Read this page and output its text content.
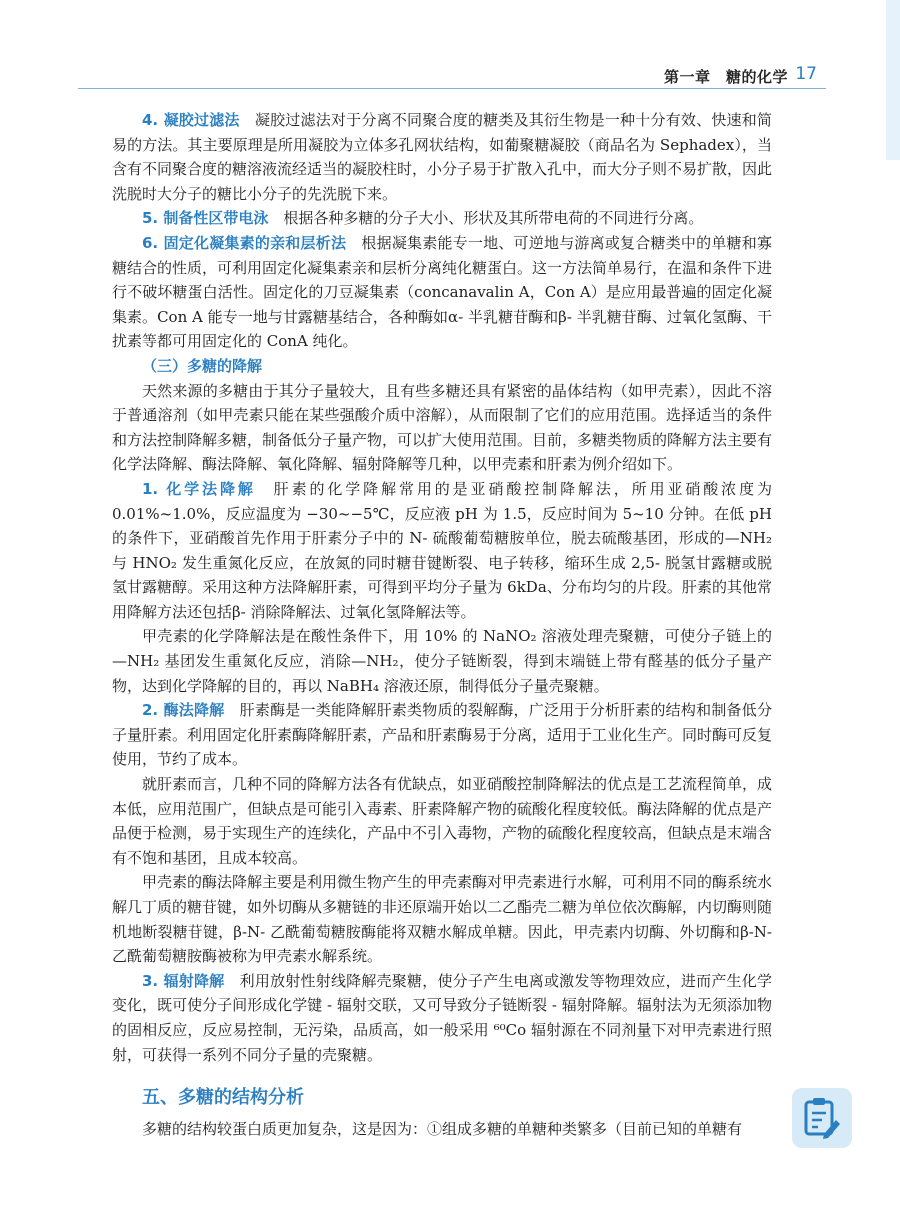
第一章　糖的化学 17

4. 凝胶过滤法　 凝胶过滤法对于分离不同聚合度的糖类及其衍生物是一种十分有效、快速和简易的方法。其主要原理是所用凝胶为立体多孔网状结构，如葡聚糖凝胶（商品名为 Sephadex），当含有不同聚合度的糖溶液流经适当的凝胶柱时，小分子易于扩散入孔中，而大分子则不易扩散，因此洗脱时大分子的糖比小分子的先洗脱下来。

5. 制备性区带电泳　 根据各种多糖的分子大小、形状及其所带电荷的不同进行分离。

6. 固定化凝集素的亲和层析法　 根据凝集素能专一地、可逆地与游离或复合糖类中的单糖和寡糖结合的性质，可利用固定化凝集素亲和层析分离纯化糖蛋白。这一方法简单易行，在温和条件下进行不破坏糖蛋白活性。固定化的刀豆凝集素（concanavalin A，Con A）是应用最普遍的固定化凝集素。Con A 能专一地与甘露糖基结合，各种酶如α- 半乳糖苷酶和β- 半乳糖苷酶、过氧化氢酶、干扰素等都可用固定化的 ConA 纯化。

（三）多糖的降解

天然来源的多糖由于其分子量较大，且有些多糖还具有紧密的晶体结构（如甲壳素），因此不溶于普通溶剂（如甲壳素只能在某些强酸介质中溶解），从而限制了它们的应用范围。选择适当的条件和方法控制降解多糖，制备低分子量产物，可以扩大使用范围。目前，多糖类物质的降解方法主要有化学法降解、酶法降解、氧化降解、辐射降解等几种，以甲壳素和肝素为例介绍如下。

1. 化学法降解　 肝素的化学降解常用的是亚硝酸控制降解法，所用亚硝酸浓度为 0.01%~1.0%，反应温度为 −30~−5℃，反应液 pH 为 1.5，反应时间为 5~10 分钟。在低 pH 的条件下，亚硝酸首先作用于肝素分子中的 N- 硫酸葡萄糖胺单位，脱去硫酸基团，形成的—NH₂ 与 HNO₂ 发生重氮化反应，在放氮的同时糖苷键断裂、电子转移，缩环生成 2,5- 脱氢甘露糖或脱氢甘露糖醇。采用这种方法降解肝素，可得到平均分子量为 6kDa、分布均匀的片段。肝素的其他常用降解方法还包括β- 消除降解法、过氧化氢降解法等。

甲壳素的化学降解法是在酸性条件下，用 10% 的 NaNO₂ 溶液处理壳聚糖，可使分子链上的—NH₂ 基团发生重氮化反应，消除—NH₂，使分子链断裂，得到末端链上带有醛基的低分子量产物，达到化学降解的目的，再以 NaBH₄ 溶液还原，制得低分子量壳聚糖。

2. 酶法降解　 肝素酶是一类能降解肝素类物质的裂解酶，广泛用于分析肝素的结构和制备低分子量肝素。利用固定化肝素酶降解肝素，产品和肝素酶易于分离，适用于工业化生产。同时酶可反复使用，节约了成本。

就肝素而言，几种不同的降解方法各有优缺点，如亚硝酸控制降解法的优点是工艺流程简单，成本低，应用范围广，但缺点是可能引入毒素、肝素降解产物的硫酸化程度较低。酶法降解的优点是产品便于检测，易于实现生产的连续化，产品中不引入毒物，产物的硫酸化程度较高，但缺点是末端含有不饱和基团，且成本较高。

甲壳素的酶法降解主要是利用微生物产生的甲壳素酶对甲壳素进行水解，可利用不同的酶系统水解几丁质的糖苷键，如外切酶从多糖链的非还原端开始以二乙酯壳二糖为单位依次酶解，内切酶则随机地断裂糖苷键，β-N- 乙酰葡萄糖胺酶能将双糖水解成单糖。因此，甲壳素内切酶、外切酶和β-N- 乙酰葡萄糖胺酶被称为甲壳素水解系统。

3. 辐射降解　 利用放射性射线降解壳聚糖，使分子产生电离或激发等物理效应，进而产生化学变化，既可使分子间形成化学键 - 辐射交联，又可导致分子链断裂 - 辐射降解。辐射法为无须添加物的固相反应，反应易控制，无污染，品质高，如一般采用 ⁶⁰Co 辐射源在不同剂量下对甲壳素进行照射，可获得一系列不同分子量的壳聚糖。

五、多糖的结构分析

多糖的结构较蛋白质更加复杂，这是因为：①组成多糖的单糖种类繁多（目前已知的单糖有
